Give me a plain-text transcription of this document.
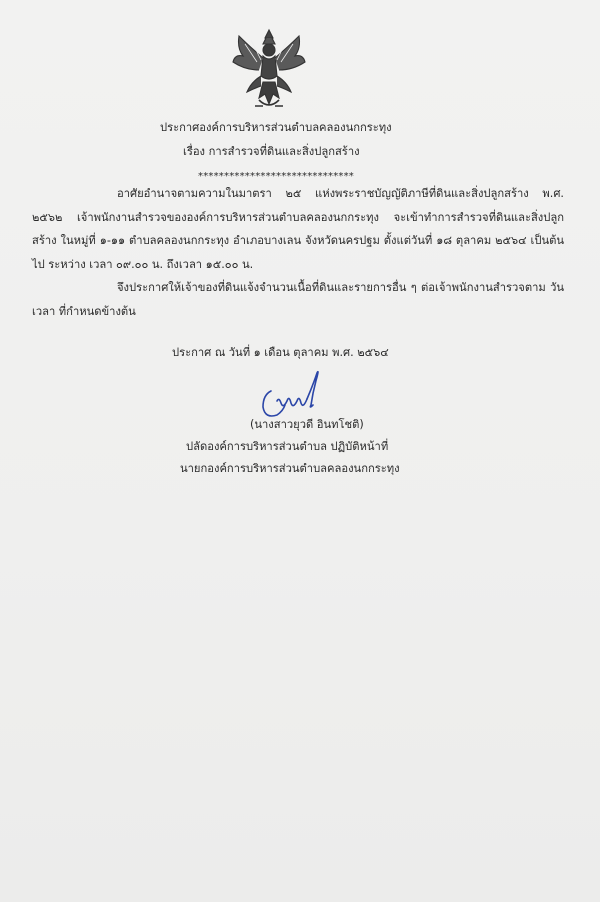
ประกาศองค์การบริหารส่วนตำบลคลองนกกระทุง
เรื่อง การสำรวจที่ดินและสิ่งปลูกสร้าง
******************************
อาศัยอำนาจตามความในมาตรา ๒๕ แห่งพระราชบัญญัติภาษีที่ดินและสิ่งปลูกสร้าง พ.ศ. ๒๕๖๒ เจ้าพนักงานสำรวจขององค์การบริหารส่วนตำบลคลองนกกระทุง จะเข้าทำการสำรวจที่ดินและสิ่งปลูกสร้าง ในหมู่ที่ ๑-๑๑ ตำบลคลองนกกระทุง อำเภอบางเลน จังหวัดนครปฐม ตั้งแต่วันที่ ๑๘ ตุลาคม ๒๕๖๔ เป็นต้นไป ระหว่าง เวลา ๐๙.๐๐ น. ถึงเวลา ๑๕.๐๐ น.
จึงประกาศให้เจ้าของที่ดินแจ้งจำนวนเนื้อที่ดินและรายการอื่น ๆ ต่อเจ้าพนักงานสำรวจตาม วัน เวลา ที่กำหนดข้างต้น
ประกาศ ณ วันที่ ๑ เดือน ตุลาคม พ.ศ. ๒๕๖๔
(นางสาวยุวดี อินทโชติ)
ปลัดองค์การบริหารส่วนตำบล ปฏิบัติหน้าที่
นายกองค์การบริหารส่วนตำบลคลองนกกระทุง
